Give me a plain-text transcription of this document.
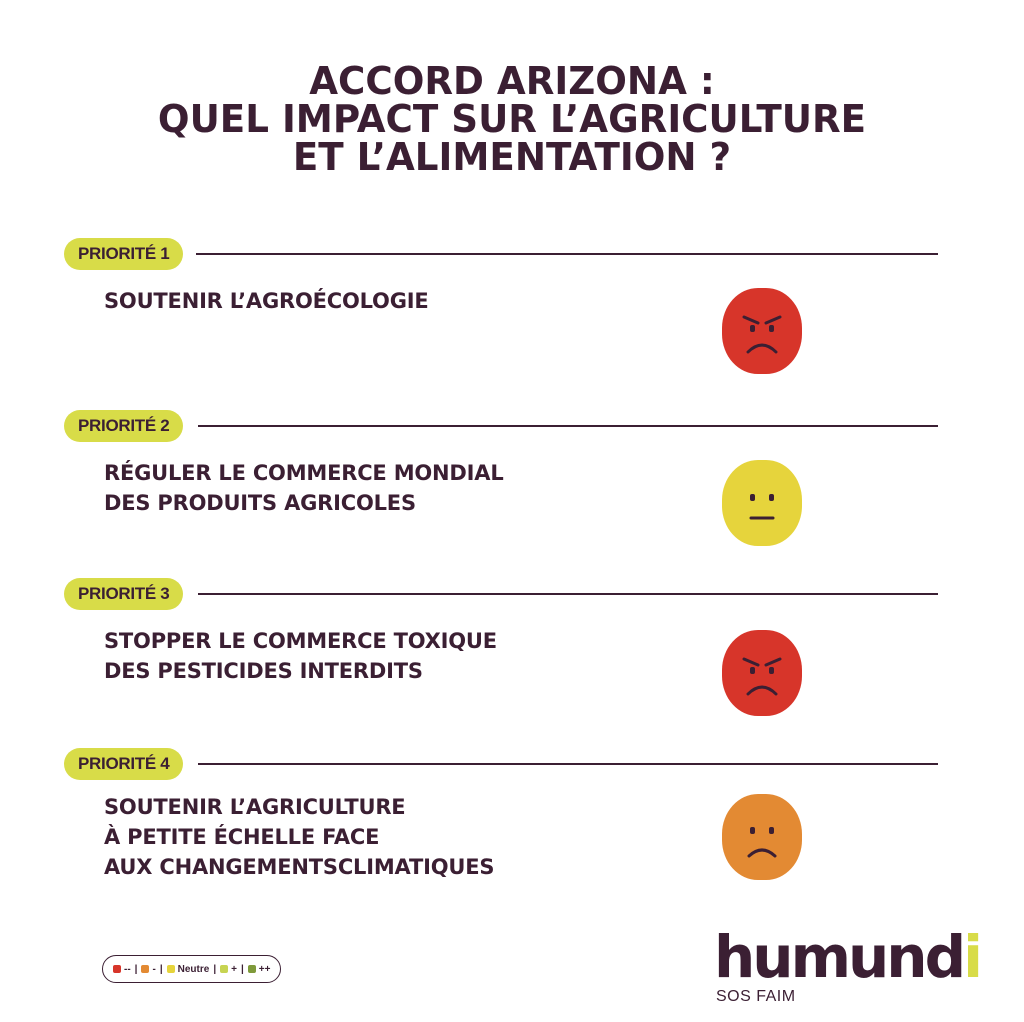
ACCORD ARIZONA :
QUEL IMPACT SUR L’AGRICULTURE
ET L’ALIMENTATION ?
PRIORITÉ 1
SOUTENIR L’AGROÉCOLOGIE
PRIORITÉ 2
RÉGULER LE COMMERCE MONDIAL
DES PRODUITS AGRICOLES
PRIORITÉ 3
STOPPER LE COMMERCE TOXIQUE
DES PESTICIDES INTERDITS
PRIORITÉ 4
SOUTENIR L’AGRICULTURE
À PETITE ÉCHELLE FACE
AUX CHANGEMENTSCLIMATIQUES
-- | - | Neutre | + | ++	humundi
SOS FAIM
